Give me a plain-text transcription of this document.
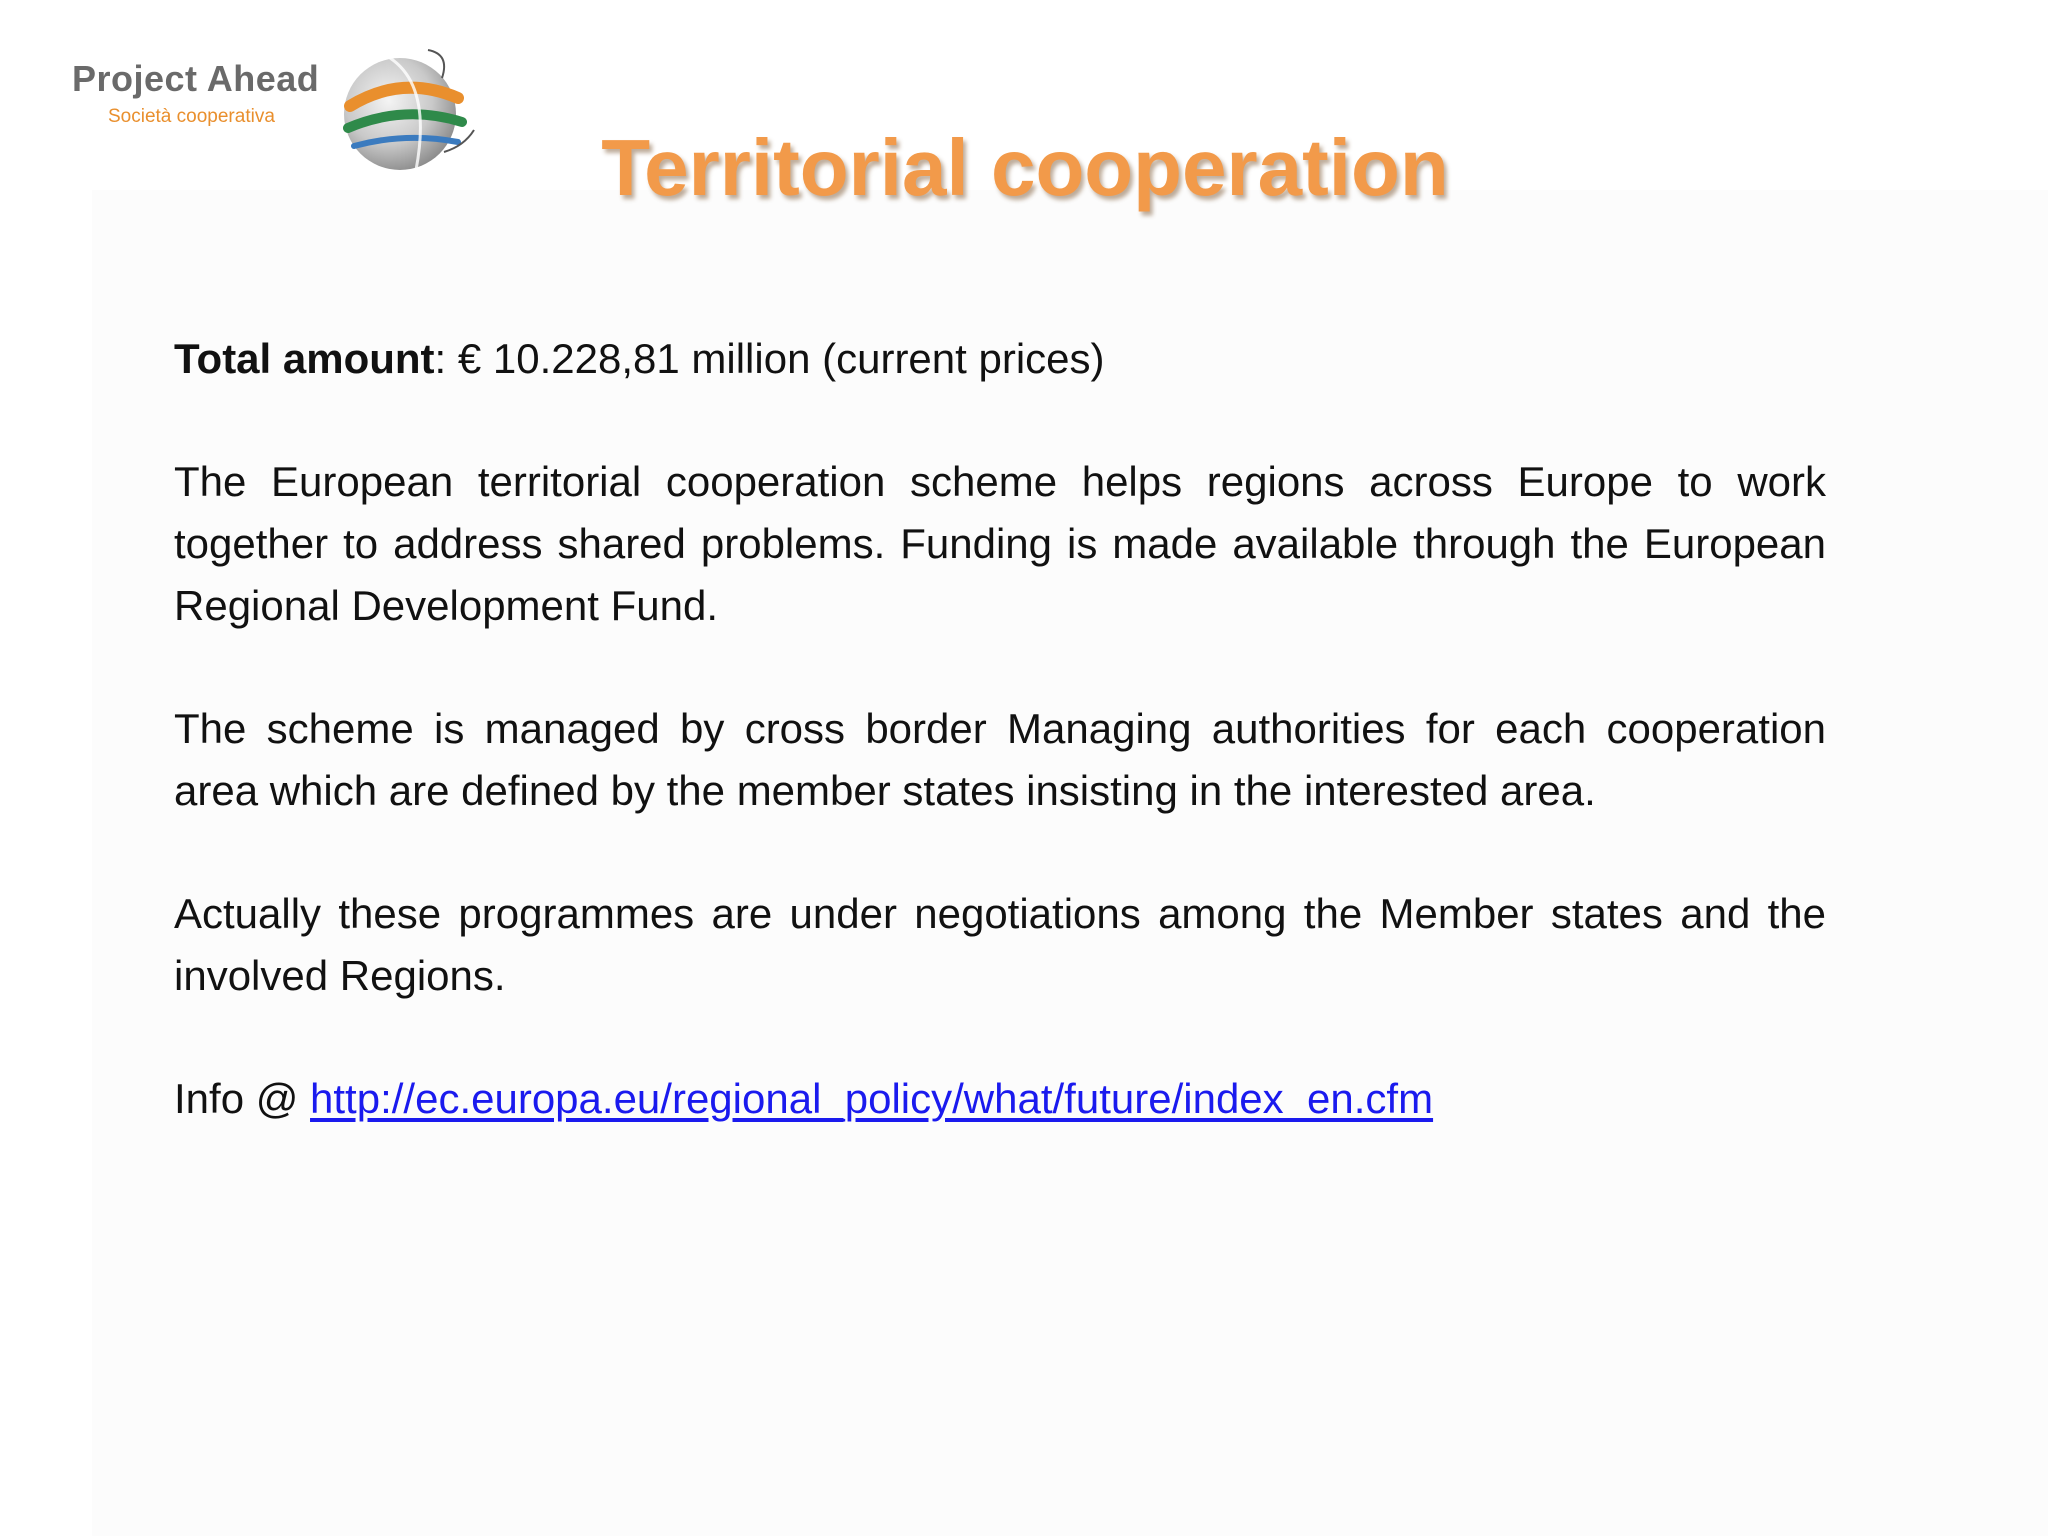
Project Ahead
Società cooperativa
Territorial cooperation

Total amount: € 10.228,81 million (current prices)

The European territorial cooperation scheme helps regions across Europe to work together to address shared problems. Funding is made available through the European Regional Development Fund.

The scheme is managed by cross border Managing authorities for each cooperation area which are defined by the member states insisting in the interested area.

Actually these programmes are under negotiations among the Member states and the involved Regions.

Info @ http://ec.europa.eu/regional_policy/what/future/index_en.cfm
